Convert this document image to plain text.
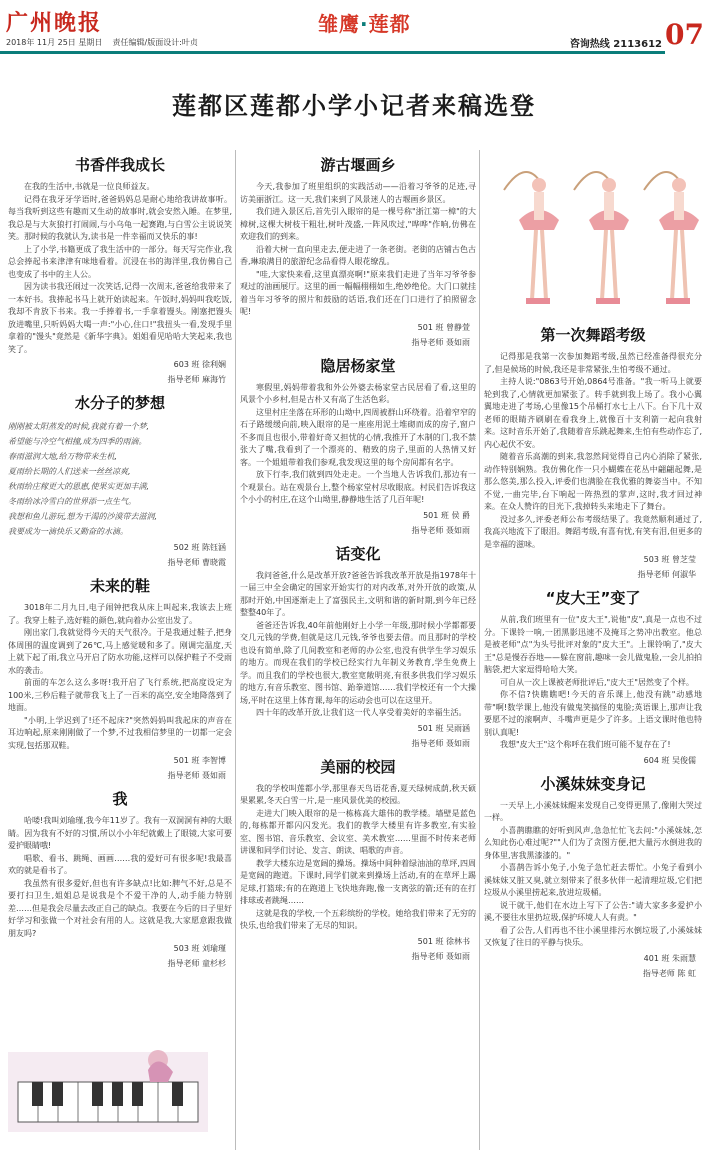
广州晚报	雏鹰·莲都
2018年 11月 25日 星期日 责任编辑/版面设计:叶贞	咨询热线 2113612 07
莲都区莲都小学小记者来稿选登
书香伴我成长

在我的生活中,书就是一位良师益友。

记得在我牙牙学语时,爸爸妈妈总是耐心地给我讲故事听。每当我听到这些有趣而又生动的故事时,就会安然入睡。在梦里,我总是与大灰狼打打闹闹,与小乌龟一起赛跑,与白雪公主说说笑笑。那时候的我就认为,读书是一件幸福而又快乐的事!

上了小学,书籍更成了我生活中的一部分。每天写完作业,我总会捧起书来津津有味地看着。沉浸在书的海洋里,我仿佛自己也变成了书中的主人公。

因为读书我还闹过一次笑话,记得一次周末,爸爸给我带来了一本好书。我捧起书马上就开始读起来。午饭时,妈妈叫我吃饭,我却不肯放下书来。我一手捧着书,一手拿着馒头。刚塞把馒头放进嘴里,只听妈妈大喝一声:"小心,住口!"我扭头一看,发现手里拿着的"馒头"竟然是《新华字典》。姐姐看见哈哈大笑起来,我也笑了。

603 班 徐利娴
指导老师 麻海竹
水分子的梦想

刚刚被太阳蒸发的时候,我就有着一个梦,

希望能与冷空气相撞,成为四季的雨滴。

春雨滋润大地,给万物带来生机,

夏雨给长期的人们送来一丝丝凉爽,

秋雨给庄稼更大的恩惠,使果实更加丰满,

冬雨给冰冷雪白的世界添一点生气。

我想和鱼儿游玩,想为干渴的沙漠带去滋润,

我要成为一滴快乐又勤奋的水滴。

502 班 陈钰涵
指导老师 曹晓霞
未来的鞋

3018年二月九日,电子闹钟把我从床上叫起来,我该去上班了。我穿上鞋子,选好鞋的颜色,就向着办公室出发了。

刚出家门,我就觉得今天的天气很冷。于是我通过鞋子,把身体周围的温度调到了26℃,马上感觉暖和多了。刚调完温度,天上就下起了雨,我立马开启了防水功能,这样可以保护鞋子不受雨水的袭击。

前面的车怎么这么多呀!我开启了飞行系统,把高度设定为100米,三秒后鞋子就带我飞上了一百米的高空,安全地降落到了地面。

"小明,上学迟到了!还不起床?"突然妈妈叫我起床的声音在耳边响起,原来刚刚做了一个梦,不过我相信梦里的一切都一定会实现,包括那双鞋。

501 班 李智博
指导老师 聂如雨
我

哈喽!我叫刘瑜瑾,我今年11岁了。我有一双洞洞有神的大眼睛。因为我有不好的习惯,所以小小年纪就戴上了眼镜,大家可要爱护眼睛哦!

唱歌、看书、跳绳、画画……我的爱好可有很多呢!我最喜欢的就是看书了。

我虽然有很多爱好,但也有许多缺点!比如:脾气不好,总是不要打扫卫生,姐姐总是说我是个不爱干净的人,动手能力特别差……但是我会尽量去改正自己的缺点。我要在今后的日子里好好学习和张做一个对社会有用的人。这就是我,大家愿意跟我做朋友吗?

503 班 刘瑜瑾
指导老师 童杉杉
游古堰画乡

今天,我参加了班里组织的实践活动——沿着习爷爷的足迹,寻访美丽浙江。这一天,我们来到了风景迷人的古堰画乡景区。

我们进入景区后,首先引入眼帘的是一棵号称"浙江第一樟"的大樟树,这棵大树枝干粗壮,树叶茂盛,一阵风吹过,"哗哗"作响,仿佛在欢迎我们的到来。

沿着大树一直向里走去,便走进了一条老街。老街的店铺古色古香,琳琅满目的旅游纪念品看得人眼花缭乱。

"哇,大家快来看,这里真漂亮啊!"原来我们走进了当年习爷爷参观过的油画展厅。这里的画一幅幅栩栩如生,绝妙绝伦。大门口就挂着当年习爷爷的照片和鼓励的话语,我们还在门口进行了拍照留念呢!

501 班 曾静萱
指导老师 聂如雨
隐居杨家堂

寒假里,妈妈带着我和外公外婆去杨家堂古民居看了看,这里的风景个小乡村,但是古朴又有高了生活色彩。

这里村庄坐落在环形的山坳中,四周被群山环绕着。沿着窄窄的石子路缓缓向前,映入眼帘的是一座座用泥土堆砌而成的房子,窗户不多而且也很小,带着好奇又担忧的心情,我推开了木制的门,我不禁张大了嘴,我看到了一个漂亮的、精致的房子,里面的人热情又好客。一个姐姐带着我们参观,我发现这里的每个房间都有名字。

放下行李,我们就到四处走走。一个当地人告诉我们,那边有一个观景台。站在观景台上,整个杨家堂村尽收眼底。村民们告诉我这个小小的村庄,在这个山坳里,静静地生活了几百年呢!

501 班 侯 爵
指导老师 聂如雨
话变化

我问爸爸,什么是改革开放?爸爸告诉我改革开放是指1978年十一届三中全会确定的国家开始实行的对内改革,对外开放的政策,从那时开始,中国逐渐走上了富强民主,文明和谐的新时期,到今年已经整整40年了。

爸爸还告诉我,40年前他刚好上小学一年级,那时候小学都都要交几元钱的学费,但就是这几元钱,爷爷也要去借。而且那时的学校也设有简单,除了几间教室和老师的办公室,也没有供学生学习娱乐的地方。而现在我们的学校已经实行九年制义务教育,学生免费上学。而且我们的学校也很大,教室宽敞明亮,有很多供我们学习娱乐的地方,有音乐教室、图书馆、跆拳道馆……我们学校还有一个大操场,平时在这里上体育课,每年的运动会也可以在这里开。

四十年的改革开放,让我们这一代人享受着美好的幸福生活。

501 班 吴雨涵
指导老师 聂如雨
美丽的校园

我的学校叫莲都小学,那里春天鸟语花香,夏天绿树成荫,秋天硕果累累,冬天白雪一片,是一座风景优美的校园。

走进大门映入眼帘的是一栋栋高大雄伟的教学楼。墙壁是蓝色的,每栋都开都闪闪发光。我们的教学大楼里有许多教室,有实验室、图书馆、音乐教室、会议室、美术教室……里面不时传来老师讲课和同学们讨论、发言、朗读、唱歌的声音。

教学大楼东边是宽阔的操场。操场中间种着绿油油的草坪,四周是宽阔的跑道。下课时,同学们就来到操场上活动,有的在草坪上踢足球,打篮球;有的在跑道上飞快地奔跑,像一支离弦的箭;还有的在打排球或者跳绳……

这就是我的学校,一个五彩缤纷的学校。她给我们带来了无穷的快乐,也给我们带来了无尽的知识。

501 班 徐林书
指导老师 聂如雨
第一次舞蹈考级

记得那是我第一次参加舞蹈考级,虽然已经准备得很充分了,但是候场的时候,我还是非常紧张,生怕考级不通过。

主持人说:"0863号开始,0864号准备。"我一听马上就要轮到我了,心情就更加紧张了。转手就到我上场了。我小心翼翼地走进了考场,心里像15个吊桶打水七上八下。台下几十双老师的眼睛齐刷刷在看我身上,就像百十支利箭一起向我射来。这时音乐开始了,我随着音乐跳起舞来,生怕有些动作忘了,内心起伏不安。

随着音乐高潮的到来,我忽然间觉得自己内心消除了紧张,动作特别娴熟。我仿佛化作一只小蝴蝶在花丛中翩翩起舞,是那么悠美,那么投入,评委们也满脸在我优雅的舞姿当中。不知不觉,一曲完毕,台下响起一阵热烈的掌声,这时,我才回过神来。在众人赞许的目光下,我掉转头来地走下了舞台。

没过多久,评委老师公布考级结果了。我竟然顺利通过了,我高兴地流下了眼泪。舞蹈考级,有喜有忧,有笑有泪,但更多的是幸福的滋味。

503 班 曾芝莹
指导老师 何淑华
“皮大王”变了

从前,我们班里有一位"皮大王",说他"皮",真是一点也不过分。下课铃一响,一团黑影迅速不及掩耳之势冲出教室。他总是被老师"点"为头号批评对象的"皮大王"。上课铃响了,"皮大王"总是慢吞吞地——躲在窗前,趣味一会儿做鬼脸,一会儿拍拍脑袋,把大家逗得哈哈大笑。

可自从一次上课被老师批评后,"皮大王"居然变了个样。

你不信?快瞧瞧吧!今天的音乐课上,他没有跳"动感地带"啊!数学课上,他没有做鬼笑搞怪的鬼脸;英语课上,那声让我要愿不过的滚啊声、斗嘴声更是少了许多。上语文课时他也特别认真呢!

我想"皮大王"这个称呼在我们班可能不复存在了!

604 班 吴俊儒
小溪妹妹变身记

一天早上,小溪妹妹醒来发现自己变得更黑了,像刚大哭过一样。

小喜鹊瞧瞧的好听到风声,急急忙忙飞去问:"小溪妹妹,怎么知此伤心难过呢?""人们为了贪图方便,把大量污水倒进我的身体里,害我黑漆漆的。"

小喜鹊告诉小兔子,小兔子急忙赶去帮忙。小兔子看到小溪妹妹又脏又臭,就立刻带来了很多伙伴一起清理垃圾,它们把垃圾从小溪里捞起来,放进垃圾桶。

说干就干,他们在水边上写下了公告:"请大家多多爱护小溪,不要往水里扔垃圾,保护环境人人有责。"

看了公告,人们再也不往小溪里排污水倒垃圾了,小溪妹妹又恢复了往日的平静与快乐。

401 班 朱雨慧
指导老师 陈 虹
